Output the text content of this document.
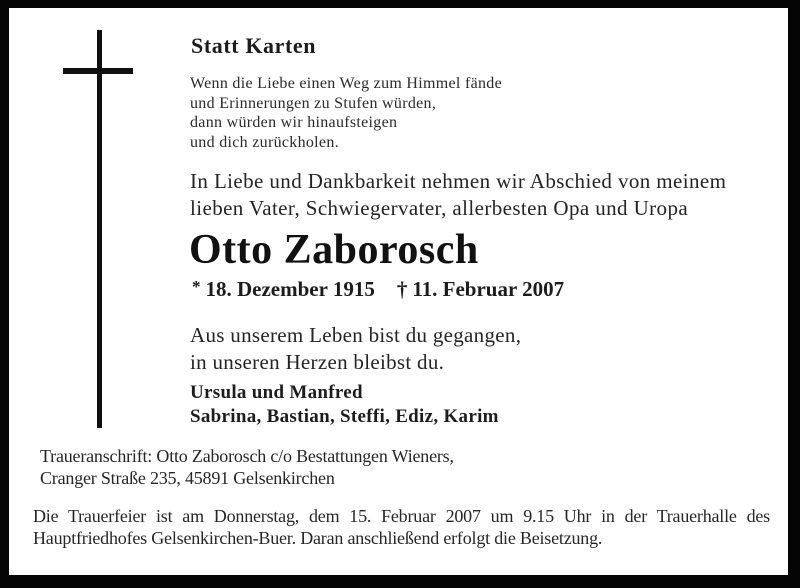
Statt Karten
Wenn die Liebe einen Weg zum Himmel fände
und Erinnerungen zu Stufen würden,
dann würden wir hinaufsteigen
und dich zurückholen.
In Liebe und Dankbarkeit nehmen wir Abschied von meinem
lieben Vater, Schwiegervater, allerbesten Opa und Uropa
Otto Zaborosch
* 18. Dezember 1915 † 11. Februar 2007
Aus unserem Leben bist du gegangen,
in unseren Herzen bleibst du.
Ursula und Manfred
Sabrina, Bastian, Steffi, Ediz, Karim
Traueranschrift: Otto Zaborosch c/o Bestattungen Wieners,
Cranger Straße 235, 45891 Gelsenkirchen
Die Trauerfeier ist am Donnerstag, dem 15. Februar 2007 um 9.15 Uhr in der Trauerhalle des Hauptfriedhofes Gelsenkirchen-Buer. Daran anschließend erfolgt die Beisetzung.
